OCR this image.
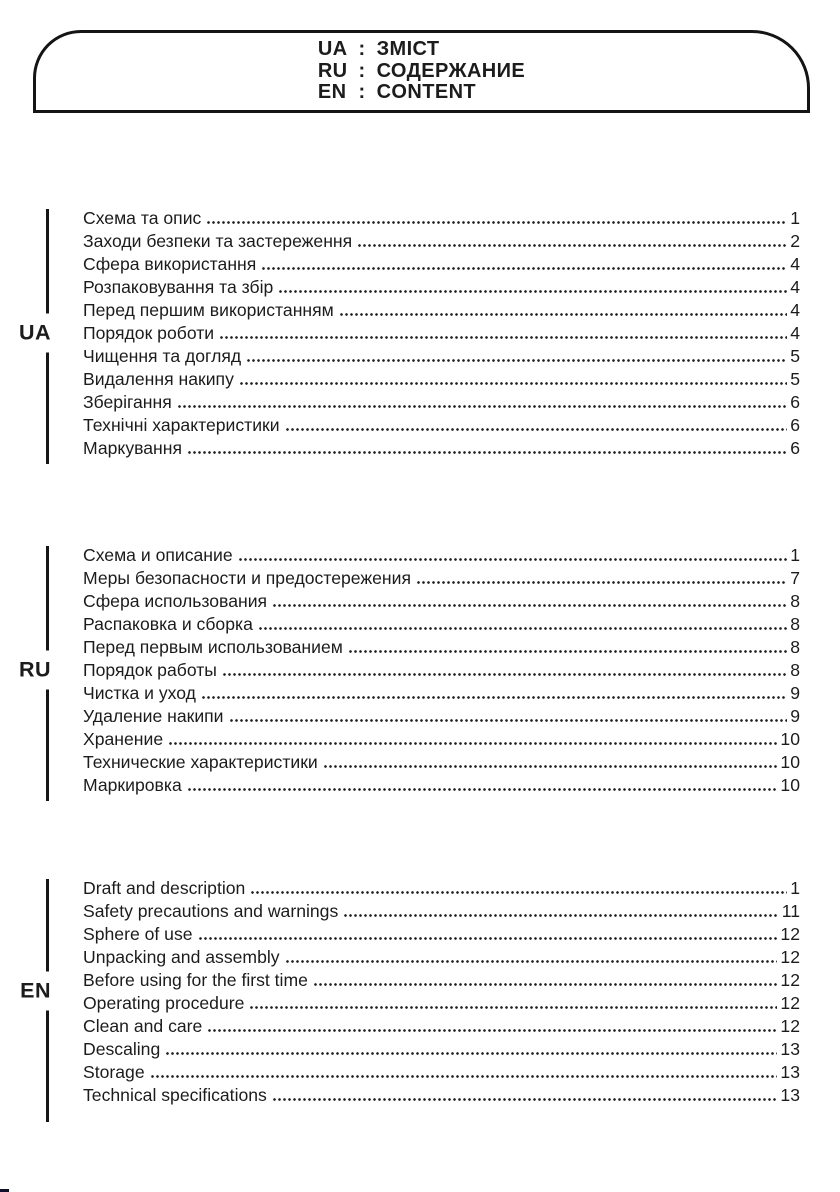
UA : ЗМІСТ
RU : СОДЕРЖАНИЕ
EN : CONTENT
UA
Схема та опис	1
Заходи безпеки та застереження	2
Сфера використання	4
Розпаковування та збір	4
Перед першим використанням	4
Порядок роботи	4
Чищення та догляд	5
Видалення накипу	5
Зберігання	6
Технічні характеристики	6
Маркування	6
RU
Схема и описание	1
Меры безопасности и предостережения	7
Сфера использования	8
Распаковка и сборка	8
Перед первым использованием	8
Порядок работы	8
Чистка и уход	9
Удаление накипи	9
Хранение	10
Технические характеристики	10
Маркировка	10
EN
Draft and description	1
Safety precautions and warnings	11
Sphere of use	12
Unpacking and assembly	12
Before using for the first time	12
Operating procedure	12
Clean and care	12
Descaling	13
Storage	13
Technical specifications	13
